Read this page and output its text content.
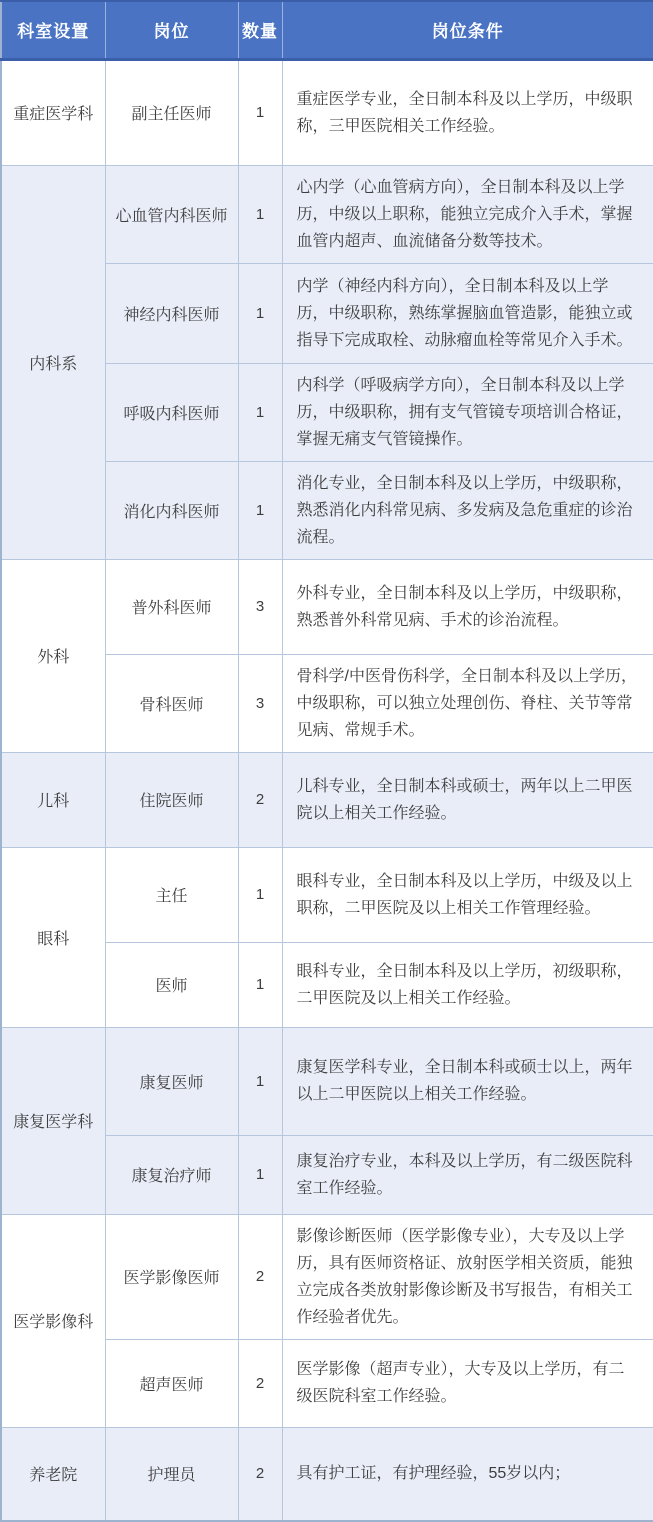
科室设置	岗位	数量	岗位条件
重症医学科	副主任医师	1	重症医学专业，全日制本科及以上学历，中级职称，三甲医院相关工作经验。
内科系	心血管内科医师	1	心内学（心血管病方向），全日制本科及以上学历，中级以上职称，能独立完成介入手术，掌握血管内超声、血流储备分数等技术。
	神经内科医师	1	内学（神经内科方向），全日制本科及以上学历，中级职称，熟练掌握脑血管造影，能独立或指导下完成取栓、动脉瘤血栓等常见介入手术。
	呼吸内科医师	1	内科学（呼吸病学方向），全日制本科及以上学历，中级职称，拥有支气管镜专项培训合格证，掌握无痛支气管镜操作。
	消化内科医师	1	消化专业，全日制本科及以上学历，中级职称，熟悉消化内科常见病、多发病及急危重症的诊治流程。
外科	普外科医师	3	外科专业，全日制本科及以上学历，中级职称，熟悉普外科常见病、手术的诊治流程。
	骨科医师	3	骨科学/中医骨伤科学，全日制本科及以上学历，中级职称，可以独立处理创伤、脊柱、关节等常见病、常规手术。
儿科	住院医师	2	儿科专业，全日制本科或硕士，两年以上二甲医院以上相关工作经验。
眼科	主任	1	眼科专业，全日制本科及以上学历，中级及以上职称，二甲医院及以上相关工作管理经验。
	医师	1	眼科专业，全日制本科及以上学历，初级职称，二甲医院及以上相关工作经验。
康复医学科	康复医师	1	康复医学科专业，全日制本科或硕士以上，两年以上二甲医院以上相关工作经验。
	康复治疗师	1	康复治疗专业，本科及以上学历，有二级医院科室工作经验。
医学影像科	医学影像医师	2	影像诊断医师（医学影像专业），大专及以上学历，具有医师资格证、放射医学相关资质，能独立完成各类放射影像诊断及书写报告，有相关工作经验者优先。
	超声医师	2	医学影像（超声专业），大专及以上学历，有二级医院科室工作经验。
养老院	护理员	2	具有护工证，有护理经验，55岁以内；
